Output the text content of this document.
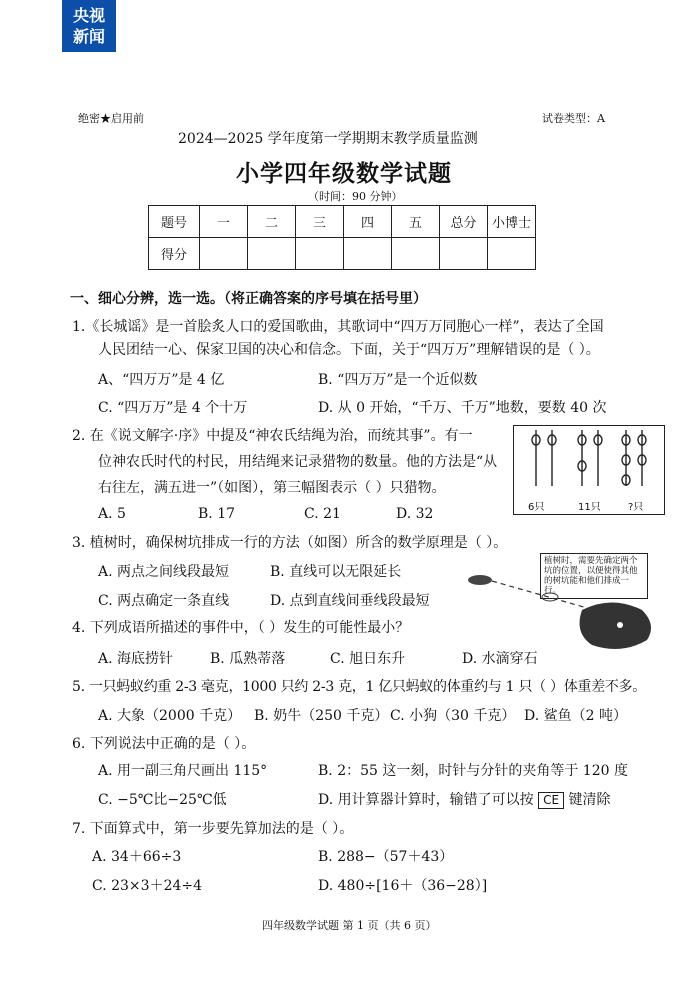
央视
新闻
绝密★启用前	试卷类型：A
2024—2025 学年度第一学期期末教学质量监测
小学四年级数学试题
（时间：90 分钟）
题号	一	二	三	四	五	总分	小博士
得分							
一、细心分辨，选一选。（将正确答案的序号填在括号里）
1.《长城谣》是一首脍炙人口的爱国歌曲，其歌词中“四万万同胞心一样”，表达了全国
人民团结一心、保家卫国的决心和信念。下面，关于“四万万”理解错误的是（ ）。
A、“四万万”是 4 亿	B. “四万万”是一个近似数
C. “四万万”是 4 个十万	D. 从 0 开始，“千万、千万”地数，要数 40 次
2. 在《说文解字·序》中提及“神农氏结绳为治，而统其事”。有一
位神农氏时代的村民，用结绳来记录猎物的数量。他的方法是“从
右往左，满五进一”（如图），第三幅图表示（ ）只猎物。
A. 5	B. 17	C. 21	D. 32	6只	11只	?只
3. 植树时，确保树坑排成一行的方法（如图）所含的数学原理是（ ）。
A. 两点之间线段最短	B. 直线可以无限延长
C. 两点确定一条直线	D. 点到直线间垂线段最短
植树时，需要先确定两个坑的位置，以便使得其他的树坑能和他们排成一行。
4. 下列成语所描述的事件中，（ ）发生的可能性最小？
A. 海底捞针	B. 瓜熟蒂落	C. 旭日东升	D. 水滴穿石
5. 一只蚂蚁约重 2-3 毫克，1000 只约 2-3 克，1 亿只蚂蚁的体重约与 1 只（ ）体重差不多。
A. 大象（2000 千克） B. 奶牛（250 千克） C. 小狗（30 千克） D. 鲨鱼（2 吨）
6. 下列说法中正确的是（ ）。
A. 用一副三角尺画出 115°	B. 2：55 这一刻，时针与分针的夹角等于 120 度
C. −5℃比−25℃低	D. 用计算器计算时，输错了可以按 CE 键清除
7. 下面算式中，第一步要先算加法的是（ ）。
A. 34＋66÷3	B. 288−（57＋43）
C. 23×3＋24÷4	D. 480÷[16＋（36−28）]
四年级数学试题 第 1 页（共 6 页）
